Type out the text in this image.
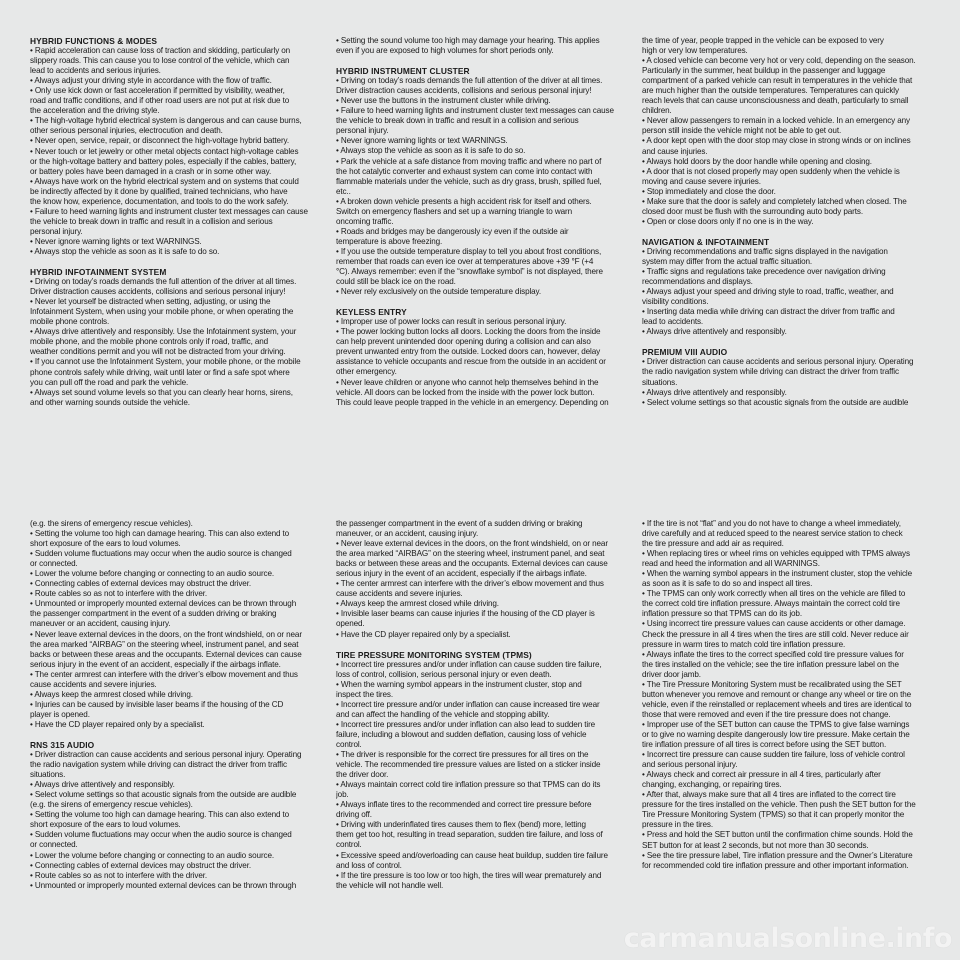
HYBRID FUNCTIONS & MODES
• Rapid acceleration can cause loss of traction and skidding, particularly on
slippery roads. This can cause you to lose control of the vehicle, which can
lead to accidents and serious injuries.
• Always adjust your driving style in accordance with the flow of traffic.
• Only use kick down or fast acceleration if permitted by visibility, weather,
road and traffic conditions, and if other road users are not put at risk due to
the acceleration and the driving style.
• The high-voltage hybrid electrical system is dangerous and can cause burns,
other serious personal injuries, electrocution and death.
• Never open, service, repair, or disconnect the high-voltage hybrid battery.
• Never touch or let jewelry or other metal objects contact high-voltage cables
or the high-voltage battery and battery poles, especially if the cables, battery,
or battery poles have been damaged in a crash or in some other way.
• Always have work on the hybrid electrical system and on systems that could
be indirectly affected by it done by qualified, trained technicians, who have
the know how, experience, documentation, and tools to do the work safely.
• Failure to heed warning lights and instrument cluster text messages can cause
the vehicle to break down in traffic and result in a collision and serious
personal injury.
• Never ignore warning lights or text WARNINGS.
• Always stop the vehicle as soon as it is safe to do so.
HYBRID INFOTAINMENT SYSTEM
• Driving on today’s roads demands the full attention of the driver at all times.
Driver distraction causes accidents, collisions and serious personal injury!
• Never let yourself be distracted when setting, adjusting, or using the
Infotainment System, when using your mobile phone, or when operating the
mobile phone controls.
• Always drive attentively and responsibly. Use the Infotainment system, your
mobile phone, and the mobile phone controls only if road, traffic, and
weather conditions permit and you will not be distracted from your driving.
• If you cannot use the Infotainment System, your mobile phone, or the mobile
phone controls safely while driving, wait until later or find a safe spot where
you can pull off the road and park the vehicle.
• Always set sound volume levels so that you can clearly hear horns, sirens,
and other warning sounds outside the vehicle.
• Setting the sound volume too high may damage your hearing. This applies
even if you are exposed to high volumes for short periods only.
HYBRID INSTRUMENT CLUSTER
• Driving on today’s roads demands the full attention of the driver at all times.
Driver distraction causes accidents, collisions and serious personal injury!
• Never use the buttons in the instrument cluster while driving.
• Failure to heed warning lights and instrument cluster text messages can cause
the vehicle to break down in traffic and result in a collision and serious
personal injury.
• Never ignore warning lights or text WARNINGS.
• Always stop the vehicle as soon as it is safe to do so.
• Park the vehicle at a safe distance from moving traffic and where no part of
the hot catalytic converter and exhaust system can come into contact with
flammable materials under the vehicle, such as dry grass, brush, spilled fuel,
etc..
• A broken down vehicle presents a high accident risk for itself and others.
Switch on emergency flashers and set up a warning triangle to warn
oncoming traffic.
• Roads and bridges may be dangerously icy even if the outside air
temperature is above freezing.
• If you use the outside temperature display to tell you about frost conditions,
remember that roads can even ice over at temperatures above +39 °F (+4
°C). Always remember: even if the “snowflake symbol” is not displayed, there
could still be black ice on the road.
• Never rely exclusively on the outside temperature display.
KEYLESS ENTRY
• Improper use of power locks can result in serious personal injury.
• The power locking button locks all doors. Locking the doors from the inside
can help prevent unintended door opening during a collision and can also
prevent unwanted entry from the outside. Locked doors can, however, delay
assistance to vehicle occupants and rescue from the outside in an accident or
other emergency.
• Never leave children or anyone who cannot help themselves behind in the
vehicle. All doors can be locked from the inside with the power lock button.
This could leave people trapped in the vehicle in an emergency. Depending on
the time of year, people trapped in the vehicle can be exposed to very
high or very low temperatures.
• A closed vehicle can become very hot or very cold, depending on the season.
Particularly in the summer, heat buildup in the passenger and luggage
compartment of a parked vehicle can result in temperatures in the vehicle that
are much higher than the outside temperatures. Temperatures can quickly
reach levels that can cause unconsciousness and death, particularly to small
children.
• Never allow passengers to remain in a locked vehicle. In an emergency any
person still inside the vehicle might not be able to get out.
• A door kept open with the door stop may close in strong winds or on inclines
and cause injuries.
• Always hold doors by the door handle while opening and closing.
• A door that is not closed properly may open suddenly when the vehicle is
moving and cause severe injuries.
• Stop immediately and close the door.
• Make sure that the door is safely and completely latched when closed. The
closed door must be flush with the surrounding auto body parts.
• Open or close doors only if no one is in the way.
NAVIGATION & INFOTAINMENT
• Driving recommendations and traffic signs displayed in the navigation
system may differ from the actual traffic situation.
• Traffic signs and regulations take precedence over navigation driving
recommendations and displays.
• Always adjust your speed and driving style to road, traffic, weather, and
visibility conditions.
• Inserting data media while driving can distract the driver from traffic and
lead to accidents.
• Always drive attentively and responsibly.
PREMIUM VIII AUDIO
• Driver distraction can cause accidents and serious personal injury. Operating
the radio navigation system while driving can distract the driver from traffic
situations.
• Always drive attentively and responsibly.
• Select volume settings so that acoustic signals from the outside are audible
(e.g. the sirens of emergency rescue vehicles).
• Setting the volume too high can damage hearing. This can also extend to
short exposure of the ears to loud volumes.
• Sudden volume fluctuations may occur when the audio source is changed
or connected.
• Lower the volume before changing or connecting to an audio source.
• Connecting cables of external devices may obstruct the driver.
• Route cables so as not to interfere with the driver.
• Unmounted or improperly mounted external devices can be thrown through
the passenger compartment in the event of a sudden driving or braking
maneuver or an accident, causing injury.
• Never leave external devices in the doors, on the front windshield, on or near
the area marked “AIRBAG” on the steering wheel, instrument panel, and seat
backs or between these areas and the occupants. External devices can cause
serious injury in the event of an accident, especially if the airbags inflate.
• The center armrest can interfere with the driver’s elbow movement and thus
cause accidents and severe injuries.
• Always keep the armrest closed while driving.
• Injuries can be caused by invisible laser beams if the housing of the CD
player is opened.
• Have the CD player repaired only by a specialist.
RNS 315 AUDIO
• Driver distraction can cause accidents and serious personal injury. Operating
the radio navigation system while driving can distract the driver from traffic
situations.
• Always drive attentively and responsibly.
• Select volume settings so that acoustic signals from the outside are audible
(e.g. the sirens of emergency rescue vehicles).
• Setting the volume too high can damage hearing. This can also extend to
short exposure of the ears to loud volumes.
• Sudden volume fluctuations may occur when the audio source is changed
or connected.
• Lower the volume before changing or connecting to an audio source.
• Connecting cables of external devices may obstruct the driver.
• Route cables so as not to interfere with the driver.
• Unmounted or improperly mounted external devices can be thrown through
the passenger compartment in the event of a sudden driving or braking
maneuver, or an accident, causing injury.
• Never leave external devices in the doors, on the front windshield, on or near
the area marked “AIRBAG” on the steering wheel, instrument panel, and seat
backs or between these areas and the occupants. External devices can cause
serious injury in the event of an accident, especially if the airbags inflate.
• The center armrest can interfere with the driver’s elbow movement and thus
cause accidents and severe injuries.
• Always keep the armrest closed while driving.
• Invisible laser beams can cause injuries if the housing of the CD player is
opened.
• Have the CD player repaired only by a specialist.
TIRE PRESSURE MONITORING SYSTEM (TPMS)
• Incorrect tire pressures and/or under inflation can cause sudden tire failure,
loss of control, collision, serious personal injury or even death.
• When the warning symbol appears in the instrument cluster, stop and
inspect the tires.
• Incorrect tire pressure and/or under inflation can cause increased tire wear
and can affect the handling of the vehicle and stopping ability.
• Incorrect tire pressures and/or under inflation can also lead to sudden tire
failure, including a blowout and sudden deflation, causing loss of vehicle
control.
• The driver is responsible for the correct tire pressures for all tires on the
vehicle. The recommended tire pressure values are listed on a sticker inside
the driver door.
• Always maintain correct cold tire inflation pressure so that TPMS can do its
job.
• Always inflate tires to the recommended and correct tire pressure before
driving off.
• Driving with underinflated tires causes them to flex (bend) more, letting
them get too hot, resulting in tread separation, sudden tire failure, and loss of
control.
• Excessive speed and/overloading can cause heat buildup, sudden tire failure
and loss of control.
• If the tire pressure is too low or too high, the tires will wear prematurely and
the vehicle will not handle well.
• If the tire is not “flat” and you do not have to change a wheel immediately,
drive carefully and at reduced speed to the nearest service station to check
the tire pressure and add air as required.
• When replacing tires or wheel rims on vehicles equipped with TPMS always
read and heed the information and all WARNINGS.
• When the warning symbol appears in the instrument cluster, stop the vehicle
as soon as it is safe to do so and inspect all tires.
• The TPMS can only work correctly when all tires on the vehicle are filled to
the correct cold tire inflation pressure. Always maintain the correct cold tire
inflation pressure so that TPMS can do its job.
• Using incorrect tire pressure values can cause accidents or other damage.
Check the pressure in all 4 tires when the tires are still cold. Never reduce air
pressure in warm tires to match cold tire inflation pressure.
• Always inflate the tires to the correct specified cold tire pressure values for
the tires installed on the vehicle; see the tire inflation pressure label on the
driver door jamb.
• The Tire Pressure Monitoring System must be recalibrated using the SET
button whenever you remove and remount or change any wheel or tire on the
vehicle, even if the reinstalled or replacement wheels and tires are identical to
those that were removed and even if the tire pressure does not change.
• Improper use of the SET button can cause the TPMS to give false warnings
or to give no warning despite dangerously low tire pressure. Make certain the
tire inflation pressure of all tires is correct before using the SET button.
• Incorrect tire pressure can cause sudden tire failure, loss of vehicle control
and serious personal injury.
• Always check and correct air pressure in all 4 tires, particularly after
changing, exchanging, or repairing tires.
• After that, always make sure that all 4 tires are inflated to the correct tire
pressure for the tires installed on the vehicle. Then push the SET button for the
Tire Pressure Monitoring System (TPMS) so that it can properly monitor the
pressure in the tires.
• Press and hold the SET button until the confirmation chime sounds. Hold the
SET button for at least 2 seconds, but not more than 30 seconds.
• See the tire pressure label, Tire inflation pressure and the Owner’s Literature
for recommended cold tire inflation pressure and other important information.
carmanualsonline.info
